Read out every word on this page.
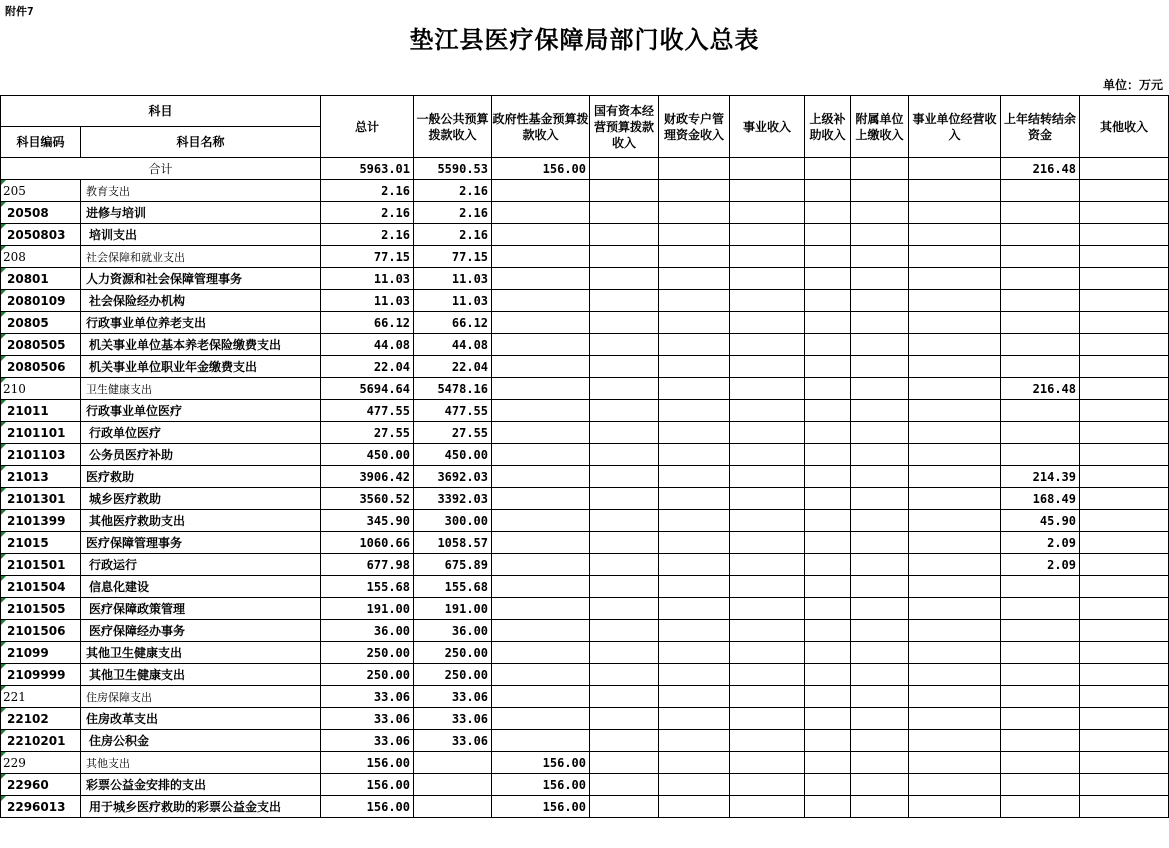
附件7
垫江县医疗保障局部门收入总表
单位：万元
科目		总计	一般公共预算拨款收入	政府性基金预算拨款收入	国有资本经营预算拨款收入	财政专户管理资金收入	事业收入	上级补助收入	附属单位上缴收入	事业单位经营收入	上年结转结余资金	其他收入
科目编码	科目名称											
合计		5963.01	5590.53	156.00							216.48	
205	教育支出	2.16	2.16									
20508	进修与培训	2.16	2.16									
2050803	培训支出	2.16	2.16									
208	社会保障和就业支出	77.15	77.15									
20801	人力资源和社会保障管理事务	11.03	11.03									
2080109	社会保险经办机构	11.03	11.03									
20805	行政事业单位养老支出	66.12	66.12									
2080505	机关事业单位基本养老保险缴费支出	44.08	44.08									
2080506	机关事业单位职业年金缴费支出	22.04	22.04									
210	卫生健康支出	5694.64	5478.16								216.48	
21011	行政事业单位医疗	477.55	477.55									
2101101	行政单位医疗	27.55	27.55									
2101103	公务员医疗补助	450.00	450.00									
21013	医疗救助	3906.42	3692.03								214.39	
2101301	城乡医疗救助	3560.52	3392.03								168.49	
2101399	其他医疗救助支出	345.90	300.00								45.90	
21015	医疗保障管理事务	1060.66	1058.57								2.09	
2101501	行政运行	677.98	675.89								2.09	
2101504	信息化建设	155.68	155.68									
2101505	医疗保障政策管理	191.00	191.00									
2101506	医疗保障经办事务	36.00	36.00									
21099	其他卫生健康支出	250.00	250.00									
2109999	其他卫生健康支出	250.00	250.00									
221	住房保障支出	33.06	33.06									
22102	住房改革支出	33.06	33.06									
2210201	住房公积金	33.06	33.06									
229	其他支出	156.00		156.00								
22960	彩票公益金安排的支出	156.00		156.00								
2296013	用于城乡医疗救助的彩票公益金支出	156.00		156.00								
